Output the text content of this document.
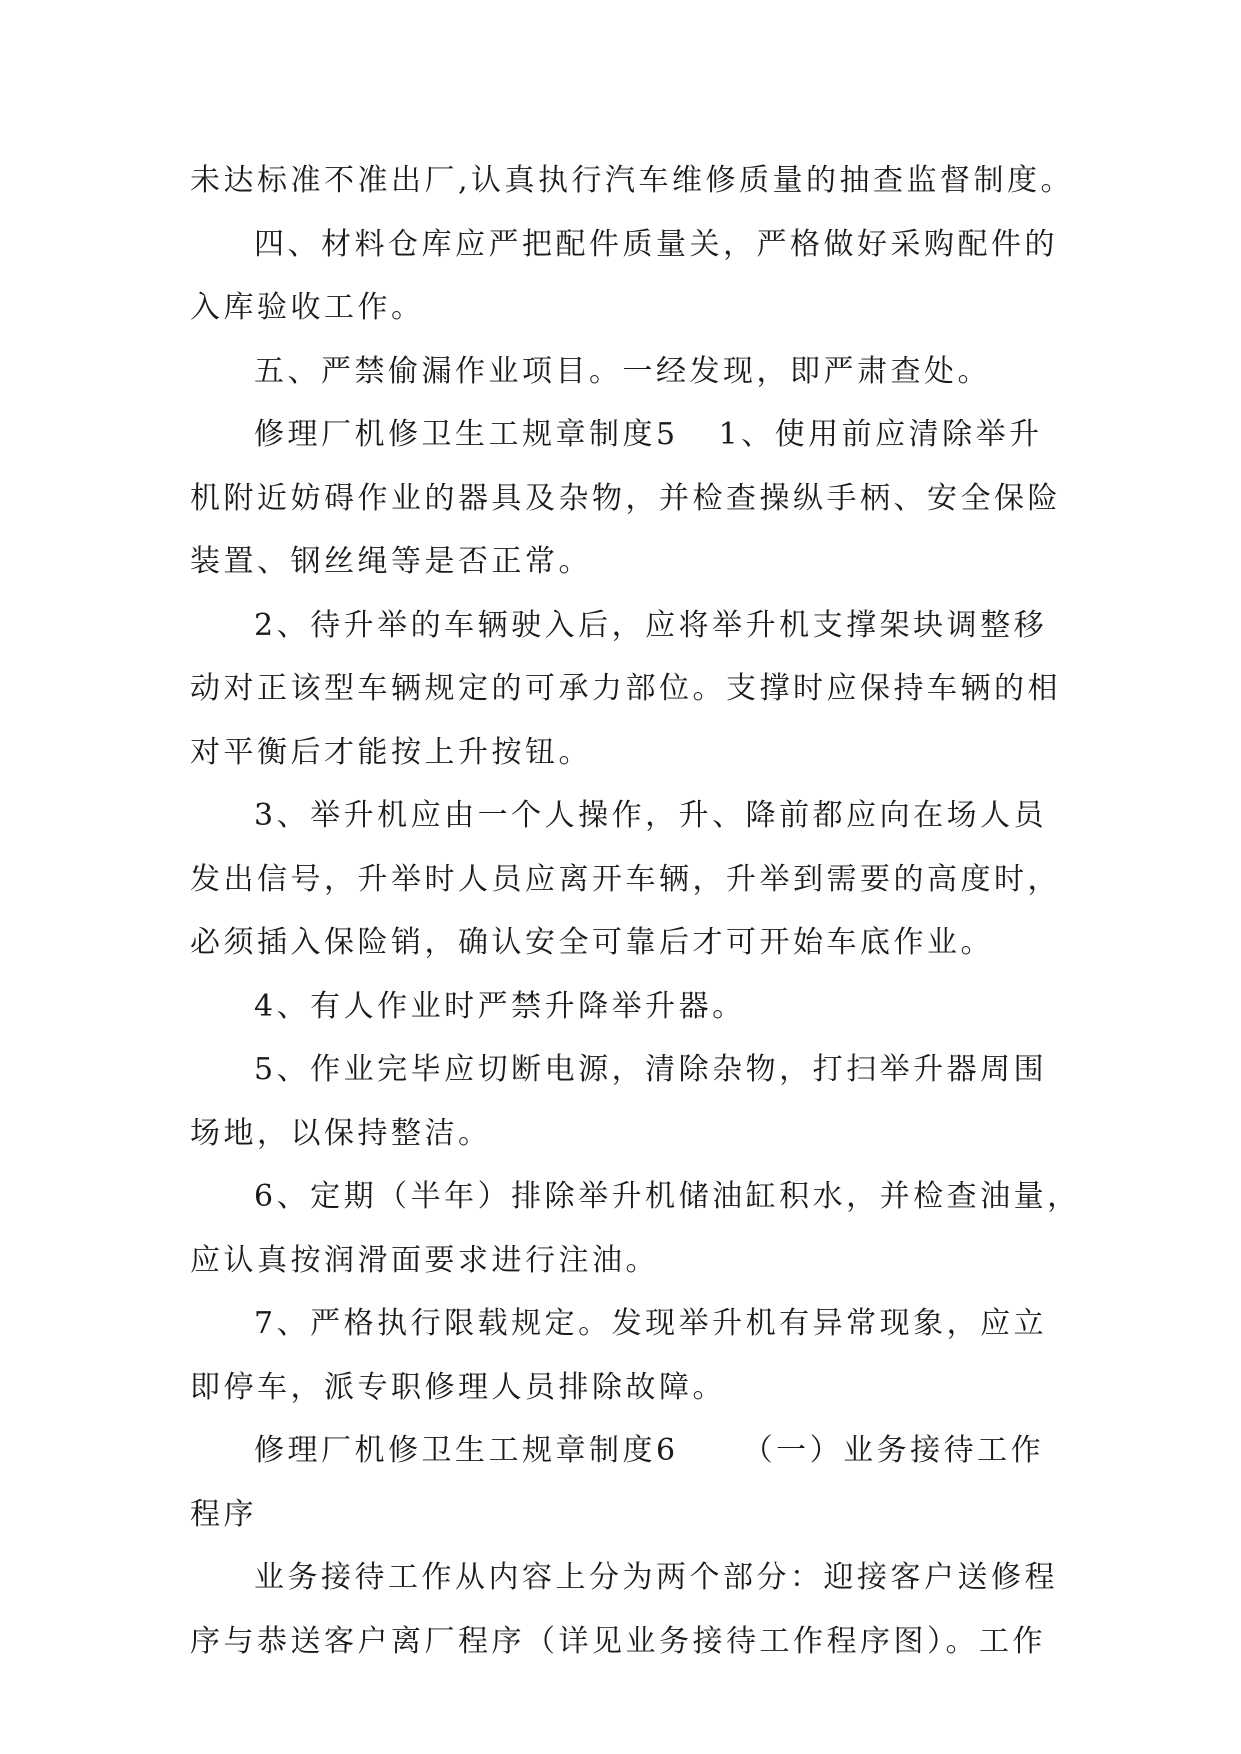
未达标准不准出厂,认真执行汽车维修质量的抽查监督制度。
四、材料仓库应严把配件质量关，严格做好采购配件的
入库验收工作。
五、严禁偷漏作业项目。一经发现，即严肃查处。
修理厂机修卫生工规章制度5 1、使用前应清除举升
机附近妨碍作业的器具及杂物，并检查操纵手柄、安全保险
装置、钢丝绳等是否正常。
2、待升举的车辆驶入后，应将举升机支撑架块调整移
动对正该型车辆规定的可承力部位。支撑时应保持车辆的相
对平衡后才能按上升按钮。
3、举升机应由一个人操作，升、降前都应向在场人员
发出信号，升举时人员应离开车辆，升举到需要的高度时，
必须插入保险销，确认安全可靠后才可开始车底作业。
4、有人作业时严禁升降举升器。
5、作业完毕应切断电源，清除杂物，打扫举升器周围
场地，以保持整洁。
6、定期（半年）排除举升机储油缸积水，并检查油量，
应认真按润滑面要求进行注油。
7、严格执行限载规定。发现举升机有异常现象，应立
即停车，派专职修理人员排除故障。
修理厂机修卫生工规章制度6 （一）业务接待工作
程序
业务接待工作从内容上分为两个部分：迎接客户送修程
序与恭送客户离厂程序（详见业务接待工作程序图）。工作
